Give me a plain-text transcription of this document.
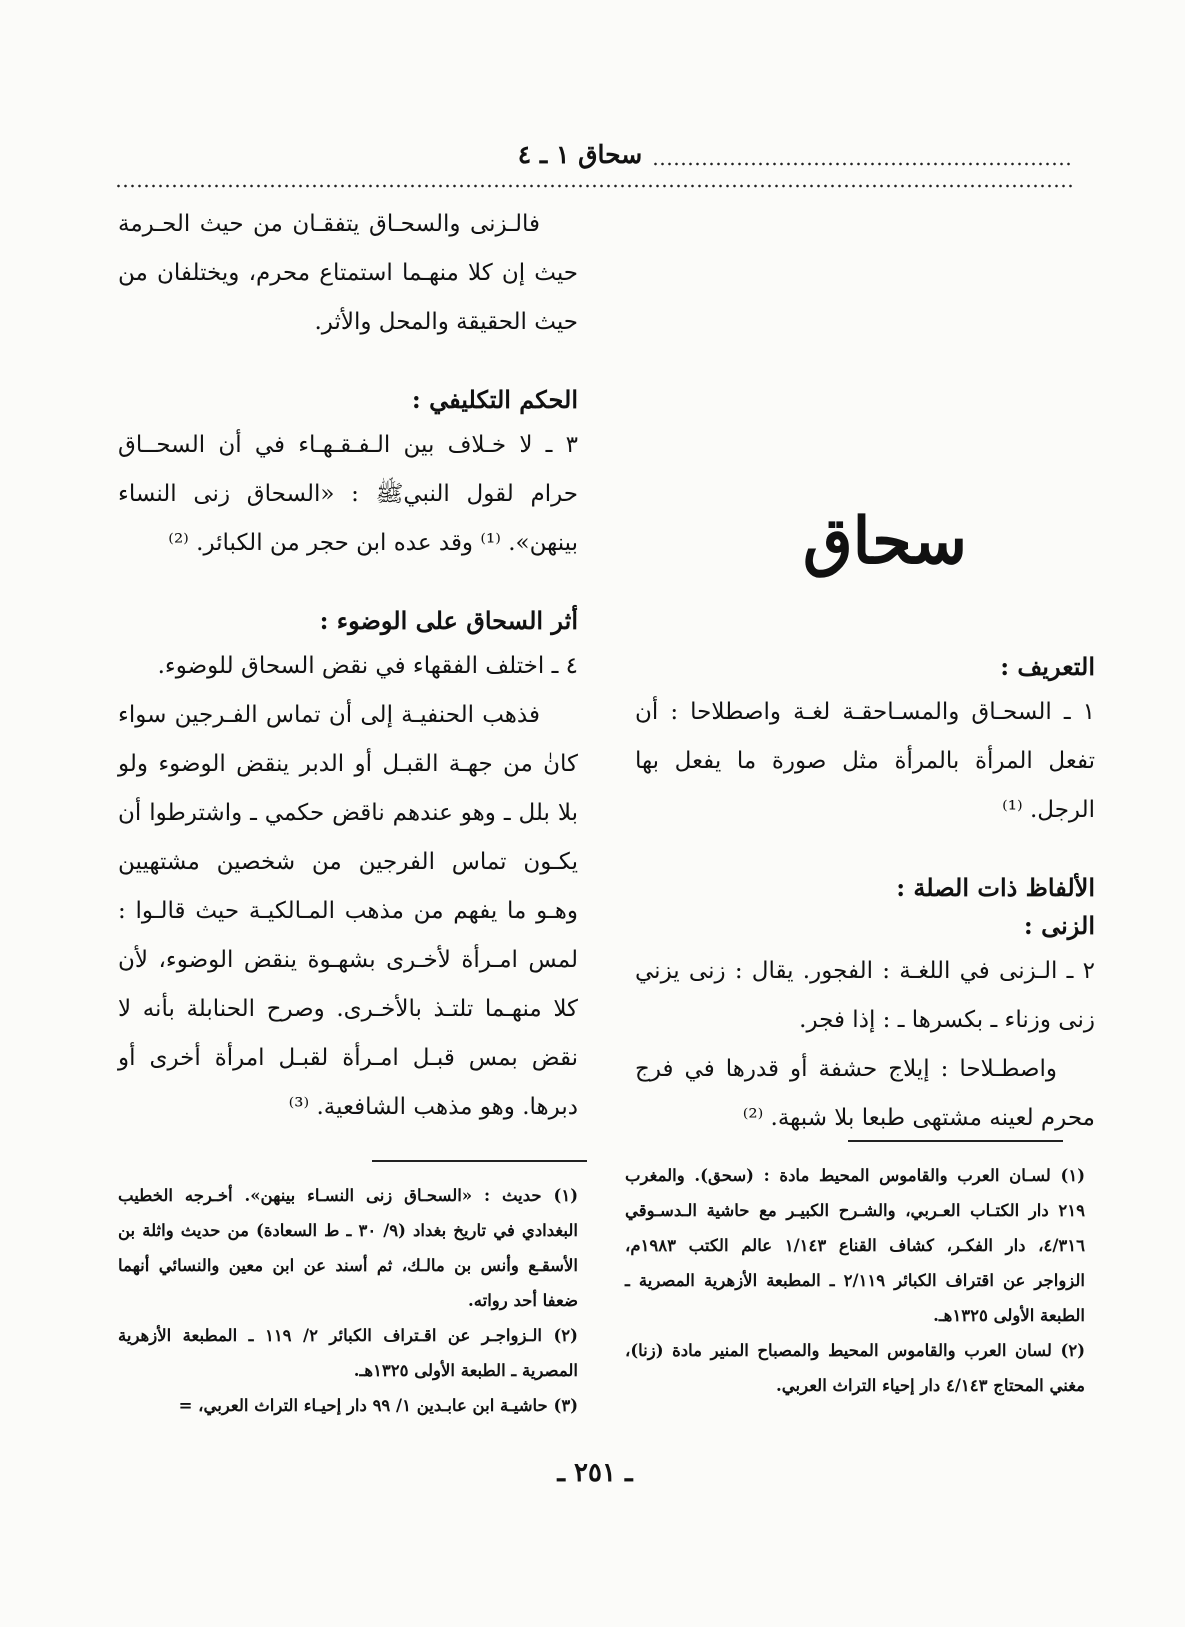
سحاق ١ ـ ٤
سحاق
التعريف :

١ ـ السحـاق والمسـاحقـة لغـة واصطلاحا : أن تفعل المرأة بالمرأة مثل صورة ما يفعل بها الرجل. ⁽¹⁾

الألفاظ ذات الصلة :
الزنى :

٢ ـ الـزنى في اللغـة : الفجور. يقال : زنى يزني زنى وزناء ـ بكسرها ـ : إذا فجر.

واصطـلاحا : إيلاج حشفة أو قدرها في فرج محرم لعينه مشتهى طبعا بلا شبهة. ⁽²⁾

فالـزنى والسحـاق يتفقـان من حيث الحـرمة حيث إن كلا منهـما استمتاع محرم، ويختلفان من حيث الحقيقة والمحل والأثر.

الحكم التكليفي :

٣ ـ لا خـلاف بين الـفـقـهـاء في أن السحــاق حرام لقول النبيﷺ : «السحاق زنى النساء بينهن». ⁽¹⁾ وقد عده ابن حجر من الكبائر. ⁽²⁾

أثر السحاق على الوضوء :

٤ ـ اختلف الفقهاء في نقض السحاق للوضوء.

فذهب الحنفيـة إلى أن تماس الفـرجين سواء كانٰ من جهـة القبـل أو الدبر ينقض الوضوء ولو بلا بلل ـ وهو عندهم ناقض حكمي ـ واشترطوا أن يكـون تماس الفرجين من شخصين مشتهيين وهـو ما يفهم من مذهب المـالكيـة حيث قالـوا : لمس امـرأة لأخـرى بشهـوة ينقض الوضوء، لأن كلا منهـما تلتـذ بالأخـرى. وصرح الحنابلة بأنه لا نقض بمس قبـل امـرأة لقبـل امرأة أخرى أو دبرها. وهو مذهب الشافعية. ⁽³⁾

(١) لسـان العرب والقاموس المحيط مادة : (سحق). والمغرب ٢١٩ دار الكتـاب العـربي، والشـرح الكبيـر مع حاشية الـدسـوقي ٤/٣١٦، دار الفكـر، كشاف القناع ١/١٤٣ عالم الكتب ١٩٨٣م، الزواجر عن اقتراف الكبائر ٢/١١٩ ـ المطبعة الأزهرية المصرية ـ الطبعة الأولى ١٣٢٥هـ.

(٢) لسان العرب والقاموس المحيط والمصباح المنير مادة (زنا)، مغني المحتاج ٤/١٤٣ دار إحياء التراث العربي.

(١) حديث : «السحـاق زنى النسـاء بينهن». أخـرجه الخطيب البغدادي في تاريخ بغداد (٩/ ٣٠ ـ ط السعادة) من حديث واثلة بن الأسقـع وأنس بن مالـك، ثم أسند عن ابن معين والنسائي أنهما ضعفا أحد رواته.

(٢) الـزواجـر عن اقـتراف الكبائر ٢/ ١١٩ ـ المطبعة الأزهرية المصرية ـ الطبعة الأولى ١٣٢٥هـ.

(٣) حاشيـة ابن عابـدين ١/ ٩٩ دار إحيـاء التراث العربي، =

ـ ٢٥١ ـ
